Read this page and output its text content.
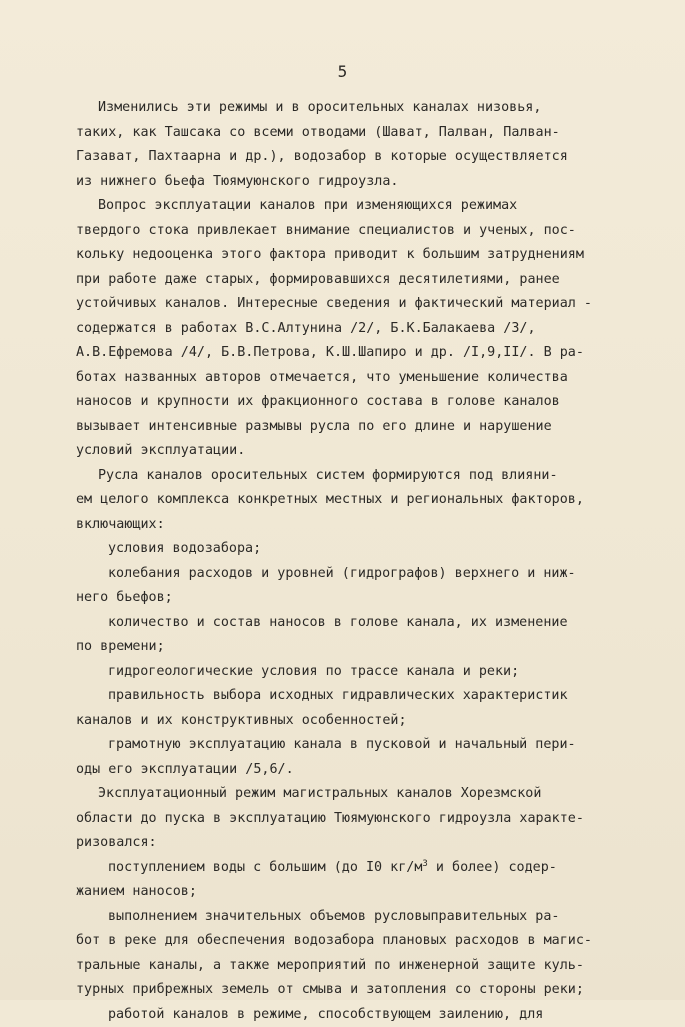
5
Изменились эти режимы и в оросительных каналах низовья,
таких, как Ташсака со всеми отводами (Шават, Палван, Палван-
Газават, Пахтаарна и др.), водозабор в которые осуществляется
из нижнего бьефа Тюямуюнского гидроузла.
Вопрос эксплуатации каналов при изменяющихся режимах
твердого стока привлекает внимание специалистов и ученых, пос-
кольку недооценка этого фактора приводит к большим затруднениям
при работе даже старых, формировавшихся десятилетиями, ранее
устойчивых каналов. Интересные сведения и фактический материал -
содержатся в работах В.С.Алтунина /2/, Б.К.Балакаева /3/,
А.В.Ефремова /4/, Б.В.Петрова, К.Ш.Шапиро и др. /I,9,II/. В ра-
ботах названных авторов отмечается, что уменьшение количества
наносов и крупности их фракционного состава в голове каналов
вызывает интенсивные размывы русла по его длине и нарушение
условий эксплуатации.
Русла каналов оросительных систем формируются под влияни-
ем целого комплекса конкретных местных и региональных факторов,
включающих:
условия водозабора;
колебания расходов и уровней (гидрографов) верхнего и ниж-
него бьефов;
количество и состав наносов в голове канала, их изменение
по времени;
гидрогеологические условия по трассе канала и реки;
правильность выбора исходных гидравлических характеристик
каналов и их конструктивных особенностей;
грамотную эксплуатацию канала в пусковой и начальный пери-
оды его эксплуатации /5,6/.
Эксплуатационный режим магистральных каналов Хорезмской
области до пуска в эксплуатацию Тюямуюнского гидроузла характе-
ризовался:
поступлением воды с большим (до I0 $кг/м^3$ и более) содер-
жанием наносов;
выполнением значительных объемов русловыправительных ра-
бот в реке для обеспечения водозабора плановых расходов в магис-
тральные каналы, а также мероприятий по инженерной защите куль-
турных прибрежных земель от смыва и затопления со стороны реки;
работой каналов в режиме, способствующем заилению, для
